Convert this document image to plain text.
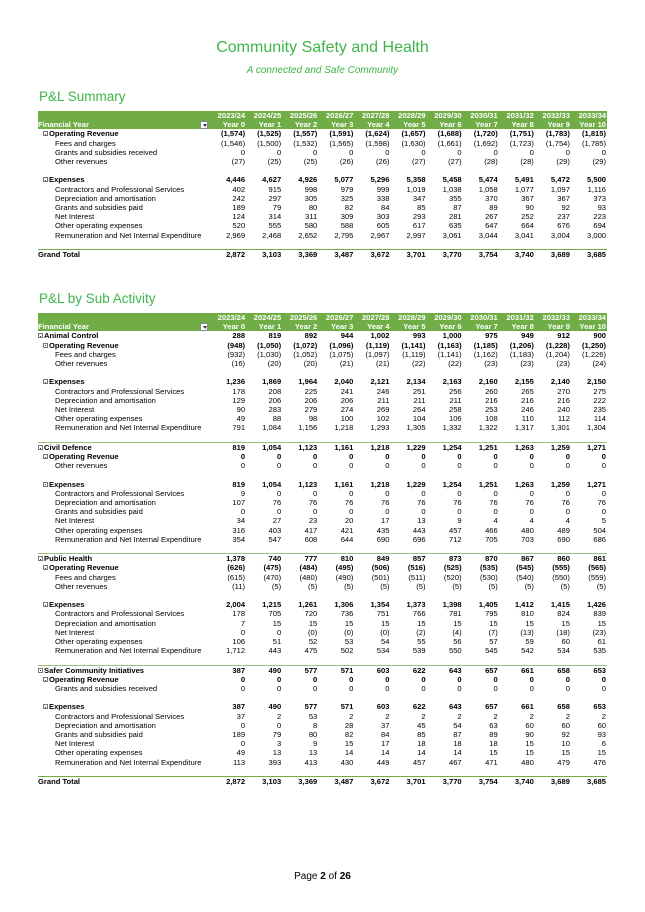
Community Safety and Health
A connected and Safe Community
P&L Summary
	2023/24	2024/25	2025/26	2026/27	2027/28	2028/29	2029/30	2030/31	2031/32	2032/33	2033/34
Financial Year	Year 0	Year 1	Year 2	Year 3	Year 4	Year 5	Year 6	Year 7	Year 8	Year 9	Year 10
Operating Revenue	(1,574)	(1,525)	(1,557)	(1,591)	(1,624)	(1,657)	(1,688)	(1,720)	(1,751)	(1,783)	(1,815)
Fees and charges	(1,546)	(1,500)	(1,532)	(1,565)	(1,598)	(1,630)	(1,661)	(1,692)	(1,723)	(1,754)	(1,785)
Grants and subsidies received	0	0	0	0	0	0	0	0	0	0	0
Other revenues	(27)	(25)	(25)	(26)	(26)	(27)	(27)	(28)	(28)	(29)	(29)

Expenses	4,446	4,627	4,926	5,077	5,296	5,358	5,458	5,474	5,491	5,472	5,500
Contractors and Professional Services	402	915	998	979	999	1,019	1,038	1,058	1,077	1,097	1,116
Depreciation and amortisation	242	297	305	325	338	347	355	370	367	367	373
Grants and subsidies paid	189	79	80	82	84	85	87	89	90	92	93
Net Interest	124	314	311	309	303	293	281	267	252	237	223
Other operating expenses	520	555	580	588	605	617	635	647	664	676	694
Remuneration and Net Internal Expenditure	2,969	2,468	2,652	2,795	2,967	2,997	3,061	3,044	3,041	3,004	3,000

Grand Total	2,872	3,103	3,369	3,487	3,672	3,701	3,770	3,754	3,740	3,689	3,685
P&L by Sub Activity
	2023/24	2024/25	2025/26	2026/27	2027/28	2028/29	2029/30	2030/31	2031/32	2032/33	2033/34
Financial Year	Year 0	Year 1	Year 2	Year 3	Year 4	Year 5	Year 6	Year 7	Year 8	Year 9	Year 10
Animal Control	288	819	892	944	1,002	993	1,000	975	949	912	900
Operating Revenue	(948)	(1,050)	(1,072)	(1,096)	(1,119)	(1,141)	(1,163)	(1,185)	(1,206)	(1,228)	(1,250)
Fees and charges	(932)	(1,030)	(1,052)	(1,075)	(1,097)	(1,119)	(1,141)	(1,162)	(1,183)	(1,204)	(1,226)
Other revenues	(16)	(20)	(20)	(21)	(21)	(22)	(22)	(23)	(23)	(23)	(24)

Expenses	1,236	1,869	1,964	2,040	2,121	2,134	2,163	2,160	2,155	2,140	2,150
Contractors and Professional Services	178	208	225	241	246	251	256	260	265	270	275
Depreciation and amortisation	129	206	206	206	211	211	211	216	216	216	222
Net Interest	90	283	279	274	269	264	258	253	246	240	235
Other operating expenses	49	88	98	100	102	104	106	108	110	112	114
Remuneration and Net Internal Expenditure	791	1,084	1,156	1,218	1,293	1,305	1,332	1,322	1,317	1,301	1,304

Civil Defence	819	1,054	1,123	1,161	1,218	1,229	1,254	1,251	1,263	1,259	1,271
Operating Revenue	0	0	0	0	0	0	0	0	0	0	0
Other revenues	0	0	0	0	0	0	0	0	0	0	0

Expenses	819	1,054	1,123	1,161	1,218	1,229	1,254	1,251	1,263	1,259	1,271
Contractors and Professional Services	9	0	0	0	0	0	0	0	0	0	0
Depreciation and amortisation	107	76	76	76	76	76	76	76	76	76	76
Grants and subsidies paid	0	0	0	0	0	0	0	0	0	0	0
Net Interest	34	27	23	20	17	13	9	4	4	4	5
Other operating expenses	316	403	417	421	435	443	457	466	480	489	504
Remuneration and Net Internal Expenditure	354	547	608	644	690	696	712	705	703	690	686

Public Health	1,378	740	777	810	849	857	873	870	867	860	861
Operating Revenue	(626)	(475)	(484)	(495)	(506)	(516)	(525)	(535)	(545)	(555)	(565)
Fees and charges	(615)	(470)	(480)	(490)	(501)	(511)	(520)	(530)	(540)	(550)	(559)
Other revenues	(11)	(5)	(5)	(5)	(5)	(5)	(5)	(5)	(5)	(5)	(5)

Expenses	2,004	1,215	1,261	1,306	1,354	1,373	1,398	1,405	1,412	1,415	1,426
Contractors and Professional Services	178	705	720	736	751	766	781	795	810	824	839
Depreciation and amortisation	7	15	15	15	15	15	15	15	15	15	15
Net Interest	0	0	(0)	(0)	(0)	(2)	(4)	(7)	(13)	(18)	(23)
Other operating expenses	106	51	52	53	54	55	56	57	59	60	61
Remuneration and Net Internal Expenditure	1,712	443	475	502	534	539	550	545	542	534	535

Safer Community Initiatives	387	490	577	571	603	622	643	657	661	658	653
Operating Revenue	0	0	0	0	0	0	0	0	0	0	0
Grants and subsidies received	0	0	0	0	0	0	0	0	0	0	0

Expenses	387	490	577	571	603	622	643	657	661	658	653
Contractors and Professional Services	37	2	53	2	2	2	2	2	2	2	2
Depreciation and amortisation	0	0	8	28	37	45	54	63	60	60	60
Grants and subsidies paid	189	79	80	82	84	85	87	89	90	92	93
Net Interest	0	3	9	15	17	18	18	18	15	10	6
Other operating expenses	49	13	13	14	14	14	14	15	15	15	15
Remuneration and Net Internal Expenditure	113	393	413	430	449	457	467	471	480	479	476

Grand Total	2,872	3,103	3,369	3,487	3,672	3,701	3,770	3,754	3,740	3,689	3,685
Page 2 of 26
